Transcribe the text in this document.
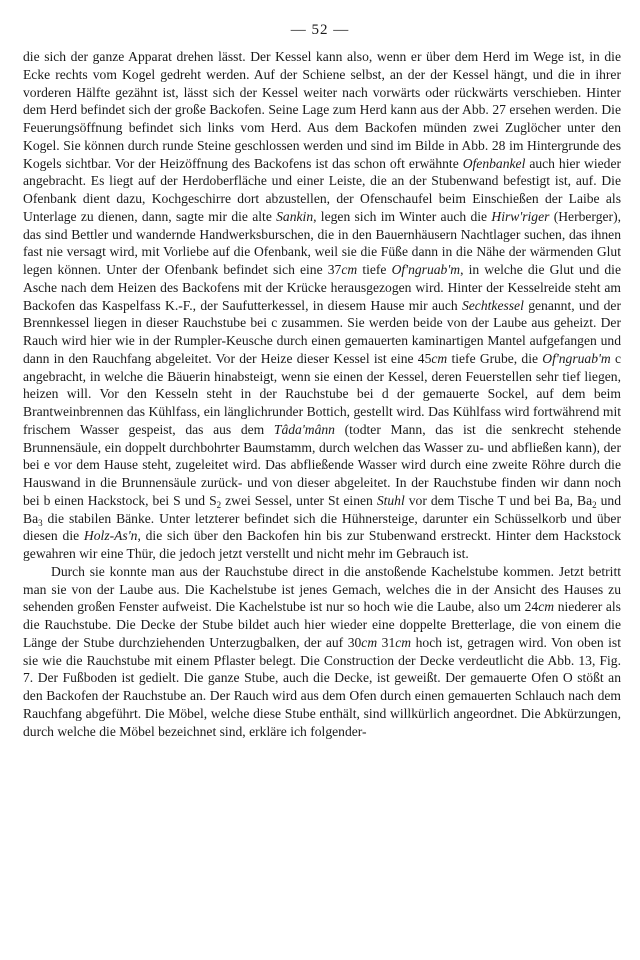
— 52 —

die sich der ganze Apparat drehen lässt. Der Kessel kann also, wenn er über dem Herd im Wege ist, in die Ecke rechts vom Kogel gedreht werden. Auf der Schiene selbst, an der der Kessel hängt, und die in ihrer vorderen Hälfte gezähnt ist, lässt sich der Kessel weiter nach vorwärts oder rückwärts verschieben. Hinter dem Herd befindet sich der große Backofen. Seine Lage zum Herd kann aus der Abb. 27 ersehen werden. Die Feuerungsöffnung befindet sich links vom Herd. Aus dem Backofen münden zwei Zuglöcher unter den Kogel. Sie können durch runde Steine geschlossen werden und sind im Bilde in Abb. 28 im Hintergrunde des Kogels sichtbar. Vor der Heizöffnung des Backofens ist das schon oft erwähnte Ofenbankel auch hier wieder angebracht. Es liegt auf der Herdoberfläche und einer Leiste, die an der Stubenwand befestigt ist, auf. Die Ofenbank dient dazu, Kochgeschirre dort abzustellen, der Ofenschaufel beim Einschießen der Laibe als Unterlage zu dienen, dann, sagte mir die alte Sankin, legen sich im Winter auch die Hirw'riger (Herberger), das sind Bettler und wandernde Handwerksburschen, die in den Bauernhäusern Nachtlager suchen, das ihnen fast nie versagt wird, mit Vorliebe auf die Ofenbank, weil sie die Füße dann in die Nähe der wärmenden Glut legen können. Unter der Ofenbank befindet sich eine 37cm tiefe Of'ngruab'm, in welche die Glut und die Asche nach dem Heizen des Backofens mit der Krücke herausgezogen wird. Hinter der Kesselreide steht am Backofen das Kaspelfass K.-F., der Saufutterkessel, in diesem Hause mir auch Sechtkessel genannt, und der Brennkessel liegen in dieser Rauchstube bei c zusammen. Sie werden beide von der Laube aus geheizt. Der Rauch wird hier wie in der Rumpler-Keusche durch einen gemauerten kaminartigen Mantel aufgefangen und dann in den Rauchfang abgeleitet. Vor der Heize dieser Kessel ist eine 45cm tiefe Grube, die Of'ngruab'm c angebracht, in welche die Bäuerin hinabsteigt, wenn sie einen der Kessel, deren Feuerstellen sehr tief liegen, heizen will. Vor den Kesseln steht in der Rauchstube bei d der gemauerte Sockel, auf dem beim Brantweinbrennen das Kühlfass, ein länglichrunder Bottich, gestellt wird. Das Kühlfass wird fortwährend mit frischem Wasser gespeist, das aus dem Tâda'mânn (todter Mann, das ist die senkrecht stehende Brunnensäule, ein doppelt durchbohrter Baumstamm, durch welchen das Wasser zu- und abfließen kann), der bei e vor dem Hause steht, zugeleitet wird. Das abfließende Wasser wird durch eine zweite Röhre durch die Hauswand in die Brunnensäule zurück- und von dieser abgeleitet. In der Rauchstube finden wir dann noch bei b einen Hackstock, bei S und $S_2$ zwei Sessel, unter St einen Stuhl vor dem Tische T und bei Ba, $Ba_2$ und $Ba_3$ die stabilen Bänke. Unter letzterer befindet sich die Hühnersteige, darunter ein Schüsselkorb und über diesen die Holz-As'n, die sich über den Backofen hin bis zur Stubenwand erstreckt. Hinter dem Hackstock gewahren wir eine Thür, die jedoch jetzt verstellt und nicht mehr im Gebrauch ist.

Durch sie konnte man aus der Rauchstube direct in die anstoßende Kachelstube kommen. Jetzt betritt man sie von der Laube aus. Die Kachelstube ist jenes Gemach, welches die in der Ansicht des Hauses zu sehenden großen Fenster aufweist. Die Kachelstube ist nur so hoch wie die Laube, also um 24cm niederer als die Rauchstube. Die Decke der Stube bildet auch hier wieder eine doppelte Bretterlage, die von einem die Länge der Stube durchziehenden Unterzugbalken, der auf 30cm 31cm hoch ist, getragen wird. Von oben ist sie wie die Rauchstube mit einem Pflaster belegt. Die Construction der Decke verdeutlicht die Abb. 13, Fig. 7. Der Fußboden ist gedielt. Die ganze Stube, auch die Decke, ist geweißt. Der gemauerte Ofen O stößt an den Backofen der Rauchstube an. Der Rauch wird aus dem Ofen durch einen gemauerten Schlauch nach dem Rauchfang abgeführt. Die Möbel, welche diese Stube enthält, sind willkürlich angeordnet. Die Abkürzungen, durch welche die Möbel bezeichnet sind, erkläre ich folgender-
